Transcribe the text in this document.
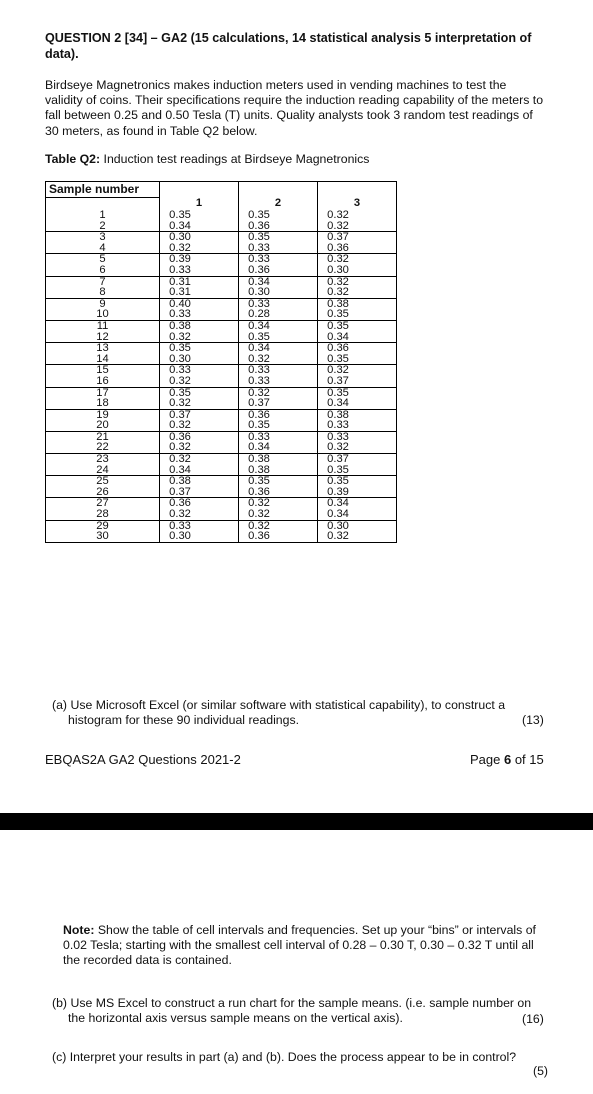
QUESTION 2 [34] – GA2 (15 calculations, 14 statistical analysis 5 interpretation of data).
Birdseye Magnetronics makes induction meters used in vending machines to test the validity of coins. Their specifications require the induction reading capability of the meters to fall between 0.25 and 0.50 Tesla (T) units. Quality analysts took 3 random test readings of 30 meters, as found in Table Q2 below.
Table Q2: Induction test readings at Birdseye Magnetronics
Sample number			
	1	2	3
1	0.35	0.35	0.32
2	0.34	0.36	0.32
3	0.30	0.35	0.37
4	0.32	0.33	0.36
5	0.39	0.33	0.32
6	0.33	0.36	0.30
7	0.31	0.34	0.32
8	0.31	0.30	0.32
9	0.40	0.33	0.38
10	0.33	0.28	0.35
11	0.38	0.34	0.35
12	0.32	0.35	0.34
13	0.35	0.34	0.36
14	0.30	0.32	0.35
15	0.33	0.33	0.32
16	0.32	0.33	0.37
17	0.35	0.32	0.35
18	0.32	0.37	0.34
19	0.37	0.36	0.38
20	0.32	0.35	0.33
21	0.36	0.33	0.33
22	0.32	0.34	0.32
23	0.32	0.38	0.37
24	0.34	0.38	0.35
25	0.38	0.35	0.35
26	0.37	0.36	0.39
27	0.36	0.32	0.34
28	0.32	0.32	0.34
29	0.33	0.32	0.30
30	0.30	0.36	0.32
(a) Use Microsoft Excel (or similar software with statistical capability), to construct a histogram for these 90 individual readings.	(13)
EBQAS2A GA2 Questions 2021-2	Page 6 of 15
Note: Show the table of cell intervals and frequencies. Set up your “bins” or intervals of 0.02 Tesla; starting with the smallest cell interval of 0.28 – 0.30 T, 0.30 – 0.32 T until all the recorded data is contained.
(b) Use MS Excel to construct a run chart for the sample means. (i.e. sample number on the horizontal axis versus sample means on the vertical axis).	(16)
(c) Interpret your results in part (a) and (b). Does the process appear to be in control?
(5)
